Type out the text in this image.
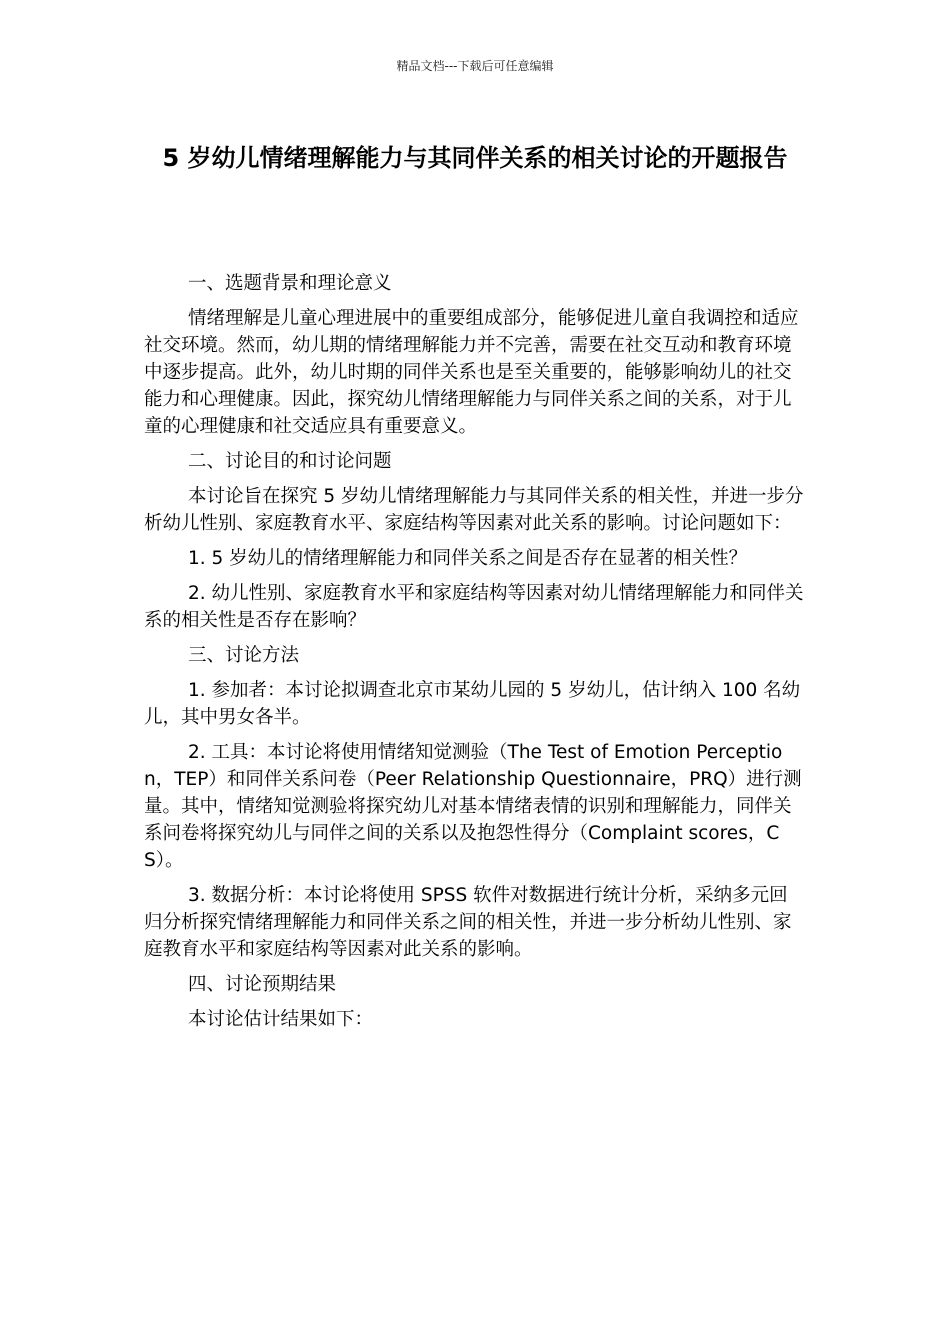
精品文档---下载后可任意编辑
5 岁幼儿情绪理解能力与其同伴关系的相关讨论的开题报告

一、选题背景和理论意义

情绪理解是儿童心理进展中的重要组成部分，能够促进儿童自我调控和适应社交环境。然而，幼儿期的情绪理解能力并不完善，需要在社交互动和教育环境中逐步提高。此外，幼儿时期的同伴关系也是至关重要的，能够影响幼儿的社交能力和心理健康。因此，探究幼儿情绪理解能力与同伴关系之间的关系，对于儿童的心理健康和社交适应具有重要意义。

二、讨论目的和讨论问题

本讨论旨在探究 5 岁幼儿情绪理解能力与其同伴关系的相关性，并进一步分析幼儿性别、家庭教育水平、家庭结构等因素对此关系的影响。讨论问题如下：

1. 5 岁幼儿的情绪理解能力和同伴关系之间是否存在显著的相关性？

2. 幼儿性别、家庭教育水平和家庭结构等因素对幼儿情绪理解能力和同伴关系的相关性是否存在影响？

三、讨论方法

1. 参加者：本讨论拟调查北京市某幼儿园的 5 岁幼儿，估计纳入 100 名幼儿，其中男女各半。

2. 工具：本讨论将使用情绪知觉测验（The Test of Emotion Perception，TEP）和同伴关系问卷（Peer Relationship Questionnaire，PRQ）进行测量。其中，情绪知觉测验将探究幼儿对基本情绪表情的识别和理解能力，同伴关系问卷将探究幼儿与同伴之间的关系以及抱怨性得分（Complaint scores，CS）。

3. 数据分析：本讨论将使用 SPSS 软件对数据进行统计分析，采纳多元回归分析探究情绪理解能力和同伴关系之间的相关性，并进一步分析幼儿性别、家庭教育水平和家庭结构等因素对此关系的影响。

四、讨论预期结果

本讨论估计结果如下：
